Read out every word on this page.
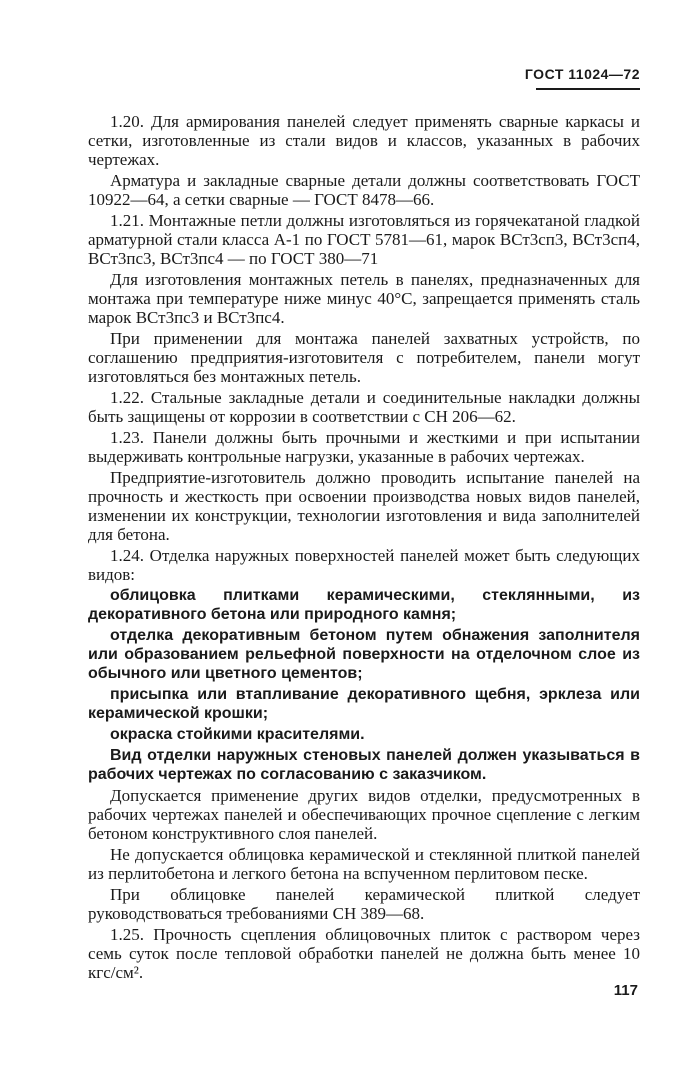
ГОСТ 11024—72

1.20. Для армирования панелей следует применять сварные каркасы и сетки, изготовленные из стали видов и классов, указанных в рабочих чертежах.

Арматура и закладные сварные детали должны соответствовать ГОСТ 10922—64, а сетки сварные — ГОСТ 8478—66.

1.21. Монтажные петли должны изготовляться из горячекатаной гладкой арматурной стали класса А-1 по ГОСТ 5781—61, марок ВСт3сп3, ВСт3сп4, ВСт3пс3, ВСт3пс4 — по ГОСТ 380—71

Для изготовления монтажных петель в панелях, предназначенных для монтажа при температуре ниже минус 40°С, запрещается применять сталь марок ВСт3пс3 и ВСт3пс4.

При применении для монтажа панелей захватных устройств, по соглашению предприятия-изготовителя с потребителем, панели могут изготовляться без монтажных петель.

1.22. Стальные закладные детали и соединительные накладки должны быть защищены от коррозии в соответствии с СН 206—62.

1.23. Панели должны быть прочными и жесткими и при испытании выдерживать контрольные нагрузки, указанные в рабочих чертежах.

Предприятие-изготовитель должно проводить испытание панелей на прочность и жесткость при освоении производства новых видов панелей, изменении их конструкции, технологии изготовления и вида заполнителей для бетона.

1.24. Отделка наружных поверхностей панелей может быть следующих видов:

облицовка плитками керамическими, стеклянными, из декоративного бетона или природного камня;

отделка декоративным бетоном путем обнажения заполнителя или образованием рельефной поверхности на отделочном слое из обычного или цветного цементов;

присыпка или втапливание декоративного щебня, эрклеза или керамической крошки;

окраска стойкими красителями.

Вид отделки наружных стеновых панелей должен указываться в рабочих чертежах по согласованию с заказчиком.

Допускается применение других видов отделки, предусмотренных в рабочих чертежах панелей и обеспечивающих прочное сцепление с легким бетоном конструктивного слоя панелей.

Не допускается облицовка керамической и стеклянной плиткой панелей из перлитобетона и легкого бетона на вспученном перлитовом песке.

При облицовке панелей керамической плиткой следует руководствоваться требованиями СН 389—68.

1.25. Прочность сцепления облицовочных плиток с раствором через семь суток после тепловой обработки панелей не должна быть менее 10 кгс/см².

117
